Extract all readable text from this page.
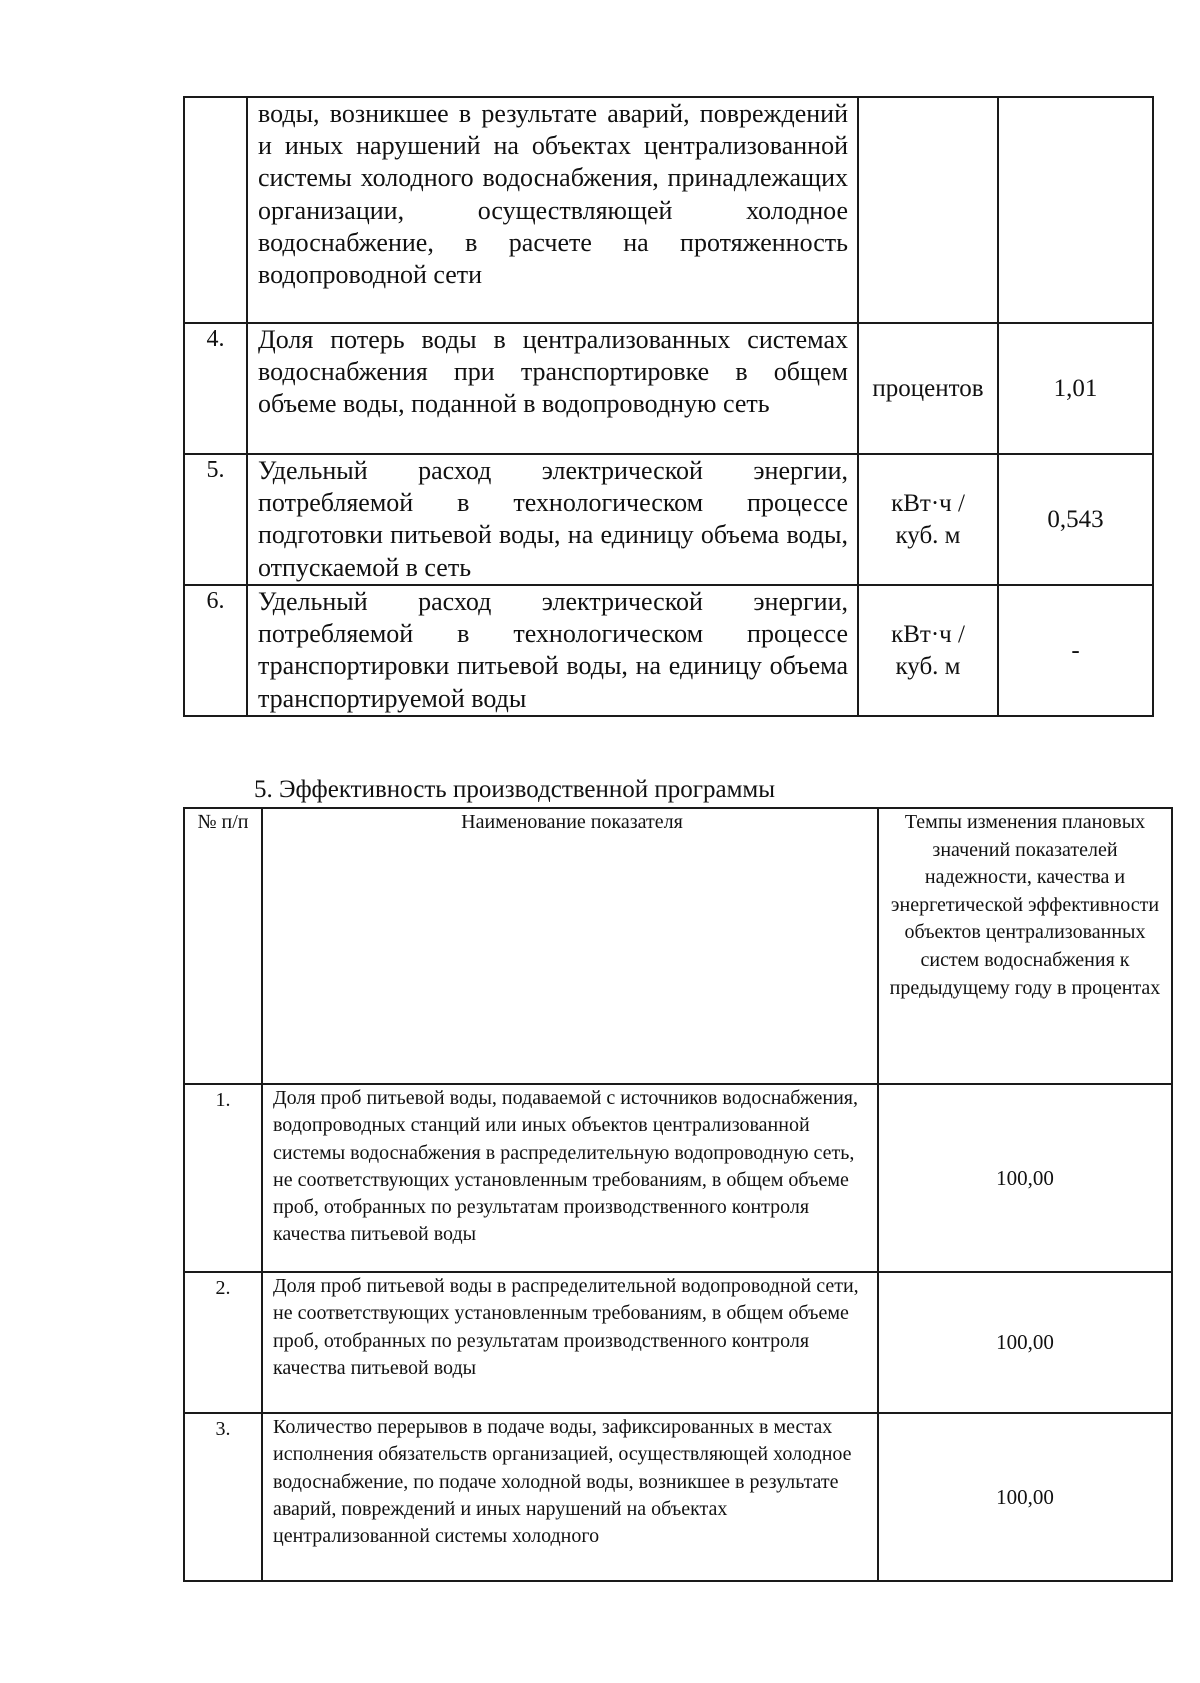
	воды, возникшее в результате аварий, повреждений и иных нарушений на объектах централизованной системы холодного водоснабжения, принадлежащих организации, осуществляющей холодное водоснабжение, в расчете на протяженность водопроводной сети		
4.	Доля потерь воды в централизованных системах водоснабжения при транспортировке в общем объеме воды, поданной в водопроводную сеть	процентов	1,01
5.	Удельный расход электрической энергии, потребляемой в технологическом процессе подготовки питьевой воды, на единицу объема воды, отпускаемой в сеть	кВт·ч / куб. м	0,543
6.	Удельный расход электрической энергии, потребляемой в технологическом процессе транспортировки питьевой воды, на единицу объема транспортируемой воды	кВт·ч / куб. м	-
5. Эффективность производственной программы
№ п/п	Наименование показателя	Темпы изменения плановых значений показателей надежности, качества и энергетической эффективности объектов централизованных систем водоснабжения к предыдущему году в процентах
1.	Доля проб питьевой воды, подаваемой с источников водоснабжения, водопроводных станций или иных объектов централизованной системы водоснабжения в распределительную водопроводную сеть, не соответствующих установленным требованиям, в общем объеме проб, отобранных по результатам производственного контроля качества питьевой воды	100,00
2.	Доля проб питьевой воды в распределительной водопроводной сети, не соответствующих установленным требованиям, в общем объеме проб, отобранных по результатам производственного контроля качества питьевой воды	100,00
3.	Количество перерывов в подаче воды, зафиксированных в местах исполнения обязательств организацией, осуществляющей холодное водоснабжение, по подаче холодной воды, возникшее в результате аварий, повреждений и иных нарушений на объектах централизованной системы холодного	100,00
